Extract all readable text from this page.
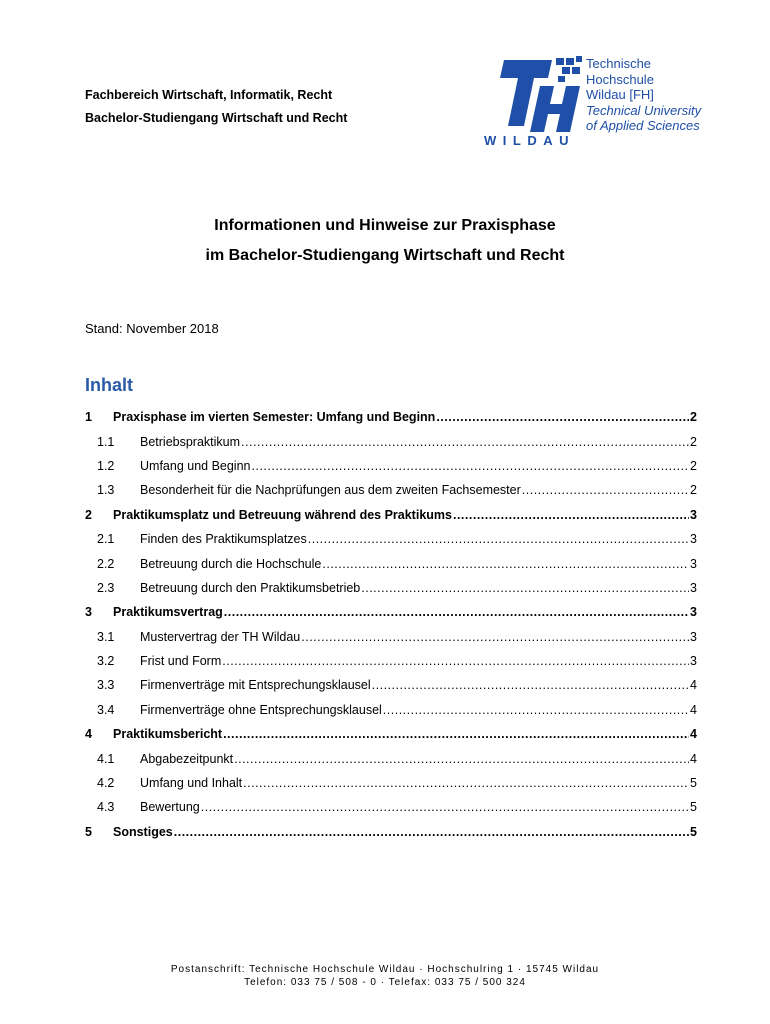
Fachbereich Wirtschaft, Informatik, Recht
Bachelor-Studiengang Wirtschaft und Recht
WILDAU
Technische
Hochschule
Wildau [FH]
Technical University
of Applied Sciences
Informationen und Hinweise zur Praxisphase
im Bachelor-Studiengang Wirtschaft und Recht
Stand: November 2018
Inhalt
1	Praxisphase im vierten Semester: Umfang und Beginn .....	2
1.1	Betriebspraktikum .....	2
1.2	Umfang und Beginn .....	2
1.3	Besonderheit für die Nachprüfungen aus dem zweiten Fachsemester .....	2
2	Praktikumsplatz und Betreuung während des Praktikums .....	3
2.1	Finden des Praktikumsplatzes .....	3
2.2	Betreuung durch die Hochschule .....	3
2.3	Betreuung durch den Praktikumsbetrieb .....	3
3	Praktikumsvertrag .....	3
3.1	Mustervertrag der TH Wildau .....	3
3.2	Frist und Form .....	3
3.3	Firmenverträge mit Entsprechungsklausel .....	4
3.4	Firmenverträge ohne Entsprechungsklausel .....	4
4	Praktikumsbericht .....	4
4.1	Abgabezeitpunkt .....	4
4.2	Umfang und Inhalt .....	5
4.3	Bewertung .....	5
5	Sonstiges .....	5
Postanschrift: Technische Hochschule Wildau · Hochschulring 1 · 15745 Wildau
Telefon: 033 75 / 508 - 0 · Telefax: 033 75 / 500 324
